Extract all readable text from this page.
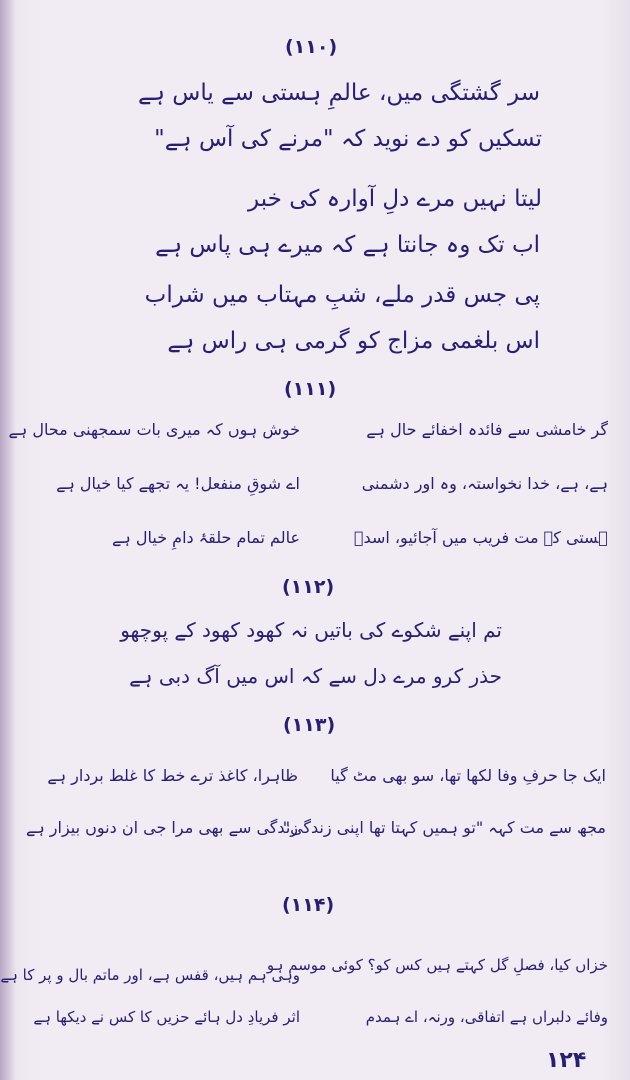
(۱۱۰)
سر گشتگی میں، عالمِ ہستی سے یاس ہے
تسکیں کو دے نوید کہ "مرنے کی آس ہے"
لیتا نہیں مرے دلِ آوارہ کی خبر
اب تک وہ جانتا ہے کہ میرے ہی پاس ہے
پی جس قدر ملے، شبِ مہتاب میں شراب
اس بلغمی مزاج کو گرمی ہی راس ہے
(۱۱۱)
گر خامشی سے فائدہ اخفائے حال ہے
خوش ہوں کہ میری بات سمجھنی محال ہے
ہے، ہے، خدا نخواستہ، وہ اور دشمنی
اے شوقِ منفعل! یہ تجھے کیا خیال ہے
ہستی کے مت فریب میں آجائیو، اسدؔ
عالم تمام حلقۂ دامِ خیال ہے
(۱۱۲)
تم اپنے شکوے کی باتیں نہ کھود کھود کے پوچھو
حذر کرو مرے دل سے کہ اس میں آگ دبی ہے
(۱۱۳)
ایک جا حرفِ وفا لکھا تھا، سو بھی مٹ گیا
ظاہرا، کاغذ ترے خط کا غلط بردار ہے
مجھ سے مت کہہ "تو ہمیں کہتا تھا اپنی زندگی"
زندگی سے بھی مرا جی ان دنوں بیزار ہے
(۱۱۴)
خزاں کیا، فصلِ گل کہتے ہیں کس کو؟ کوئی موسم ہو
وہی ہم ہیں، قفس ہے، اور ماتم بال و پر کا ہے
وفائے دلبراں ہے اتفاقی، ورنہ، اے ہمدم
اثر فریادِ دل ہائے حزیں کا کس نے دیکھا ہے
۱۲۴
